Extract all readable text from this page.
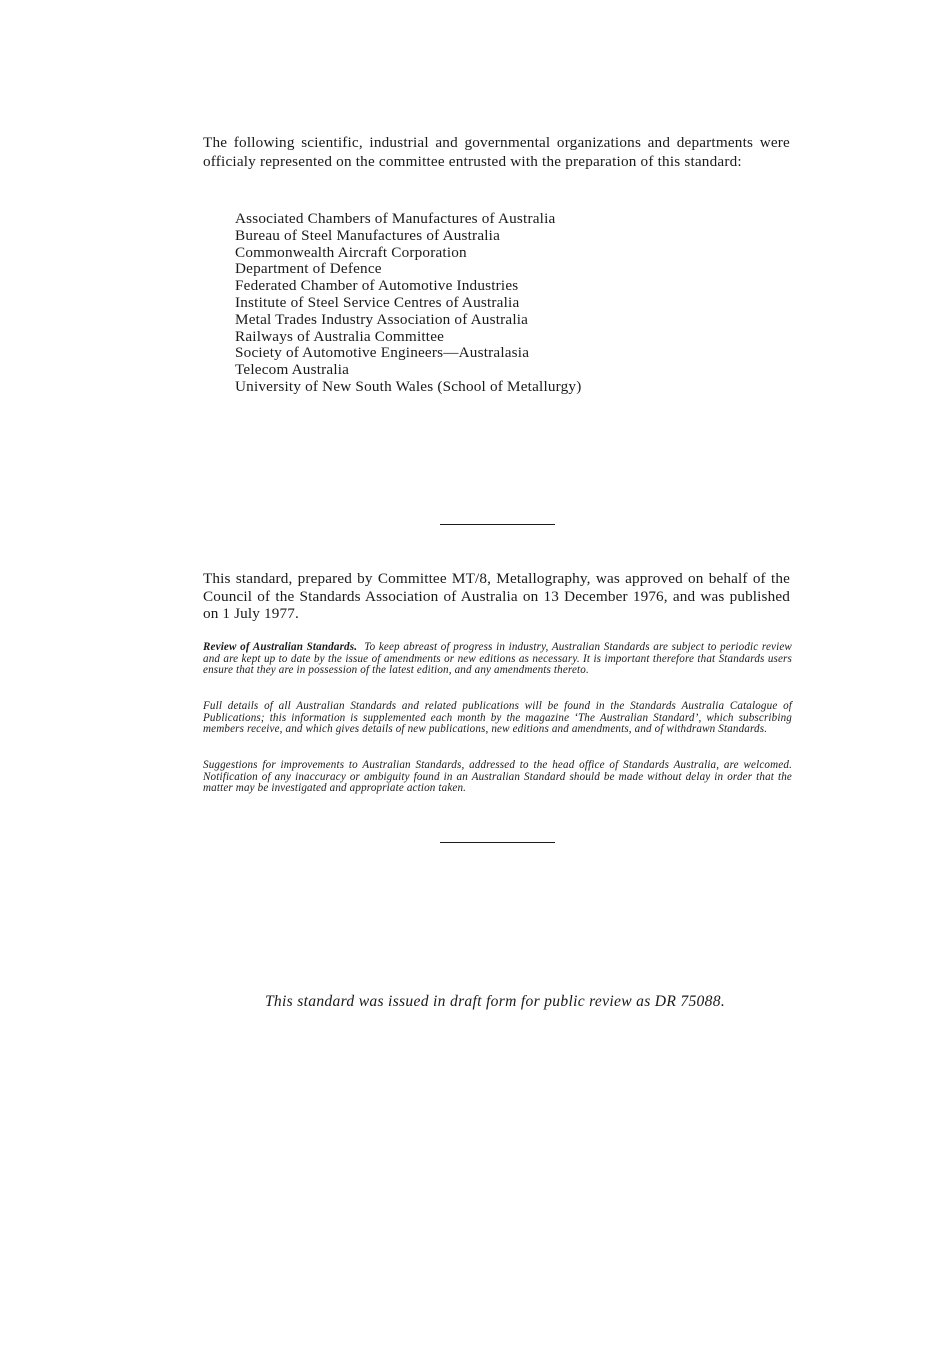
The following scientific, industrial and governmental organizations and departments were officialy represented on the committee entrusted with the preparation of this standard:

Associated Chambers of Manufactures of Australia
Bureau of Steel Manufactures of Australia
Commonwealth Aircraft Corporation
Department of Defence
Federated Chamber of Automotive Industries
Institute of Steel Service Centres of Australia
Metal Trades Industry Association of Australia
Railways of Australia Committee
Society of Automotive Engineers—Australasia
Telecom Australia
University of New South Wales (School of Metallurgy)

This standard, prepared by Committee MT/8, Metallography, was approved on behalf of the Council of the Standards Association of Australia on 13 December 1976, and was published on 1 July 1977.

Review of Australian Standards. To keep abreast of progress in industry, Australian Standards are subject to periodic review and are kept up to date by the issue of amendments or new editions as necessary. It is important therefore that Standards users ensure that they are in possession of the latest edition, and any amendments thereto.

Full details of all Australian Standards and related publications will be found in the Standards Australia Catalogue of Publications; this information is supplemented each month by the magazine ‘The Australian Standard’, which subscribing members receive, and which gives details of new publications, new editions and amendments, and of withdrawn Standards.

Suggestions for improvements to Australian Standards, addressed to the head office of Standards Australia, are welcomed. Notification of any inaccuracy or ambiguity found in an Australian Standard should be made without delay in order that the matter may be investigated and appropriate action taken.

This standard was issued in draft form for public review as DR 75088.
